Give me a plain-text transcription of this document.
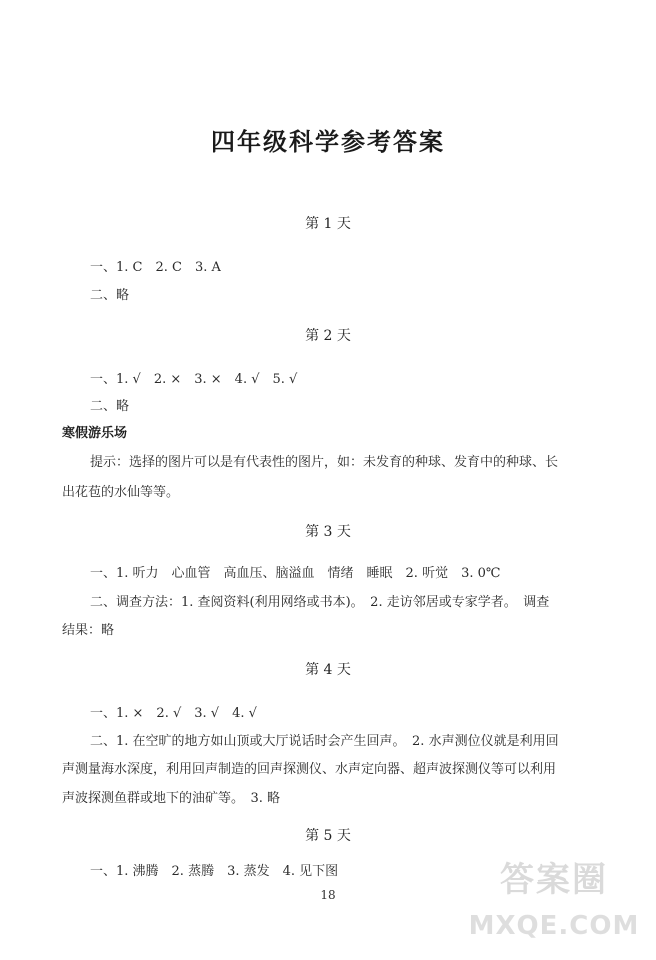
四年级科学参考答案
第 1 天
一、1. C　2. C　3. A
二、略
第 2 天
一、1. √　2. ×　3. ×　4. √　5. √
二、略
寒假游乐场
提示：选择的图片可以是有代表性的图片，如：未发育的种球、发育中的种球、长
出花苞的水仙等等。
第 3 天
一、1. 听力　心血管　高血压、脑溢血　情绪　睡眠　2. 听觉　3. 0℃
二、调查方法：1. 查阅资料(利用网络或书本)。　2. 走访邻居或专家学者。　调查
结果：略
第 4 天
一、1. ×　2. √　3. √　4. √
二、1. 在空旷的地方如山顶或大厅说话时会产生回声。　2. 水声测位仪就是利用回
声测量海水深度，利用回声制造的回声探测仪、水声定向器、超声波探测仪等可以利用
声波探测鱼群或地下的油矿等。　3. 略
第 5 天
一、1. 沸腾　2. 蒸腾　3. 蒸发　4. 见下图
18	答案圈
MXQE.COM
